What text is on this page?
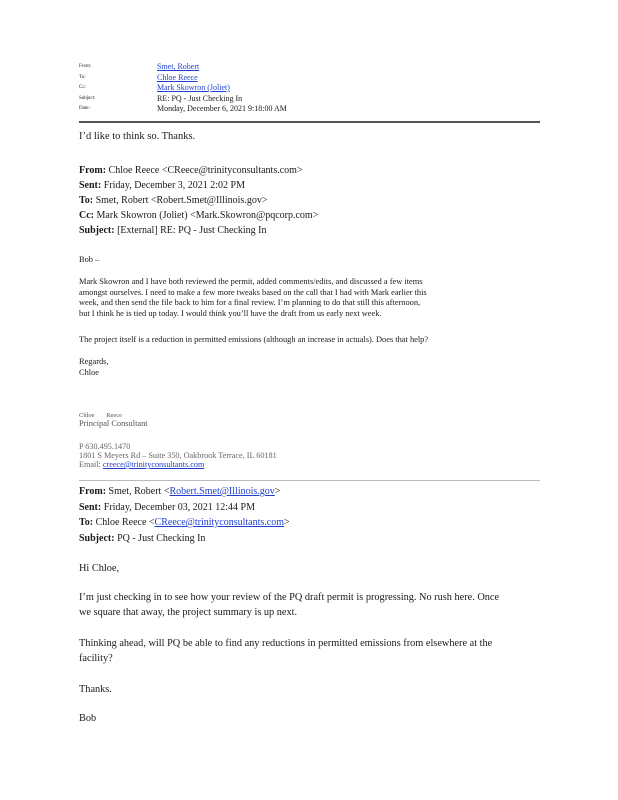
From:	Smet, Robert
To:	Chloe Reece
Cc:	Mark Skowron (Joliet)
Subject:	RE: PQ - Just Checking In
Date:	Monday, December 6, 2021 9:18:00 AM
I’d like to think so. Thanks.
From: Chloe Reece <CReece@trinityconsultants.com>
Sent: Friday, December 3, 2021 2:02 PM
To: Smet, Robert <Robert.Smet@Illinois.gov>
Cc: Mark Skowron (Joliet) <Mark.Skowron@pqcorp.com>
Subject: [External] RE: PQ - Just Checking In
Bob –
Mark Skowron and I have both reviewed the permit, added comments/edits, and discussed a few items
amongst ourselves. I need to make a few more tweaks based on the call that I had with Mark earlier this
week, and then send the file back to him for a final review. I’m planning to do that still this afternoon,
but I think he is tied up today. I would think you’ll have the draft from us early next week.
The project itself is a reduction in permitted emissions (although an increase in actuals). Does that help?
Regards,
Chloe
Chloe Reece
Principal Consultant
P 630.495.1470
1801 S Meyers Rd – Suite 350, Oakbrook Terrace, IL 60181
Email: creece@trinityconsultants.com
From: Smet, Robert <Robert.Smet@Illinois.gov>
Sent: Friday, December 03, 2021 12:44 PM
To: Chloe Reece <CReece@trinityconsultants.com>
Subject: PQ - Just Checking In
Hi Chloe,
I’m just checking in to see how your review of the PQ draft permit is progressing. No rush here. Once
we square that away, the project summary is up next.
Thinking ahead, will PQ be able to find any reductions in permitted emissions from elsewhere at the
facility?
Thanks.
Bob
